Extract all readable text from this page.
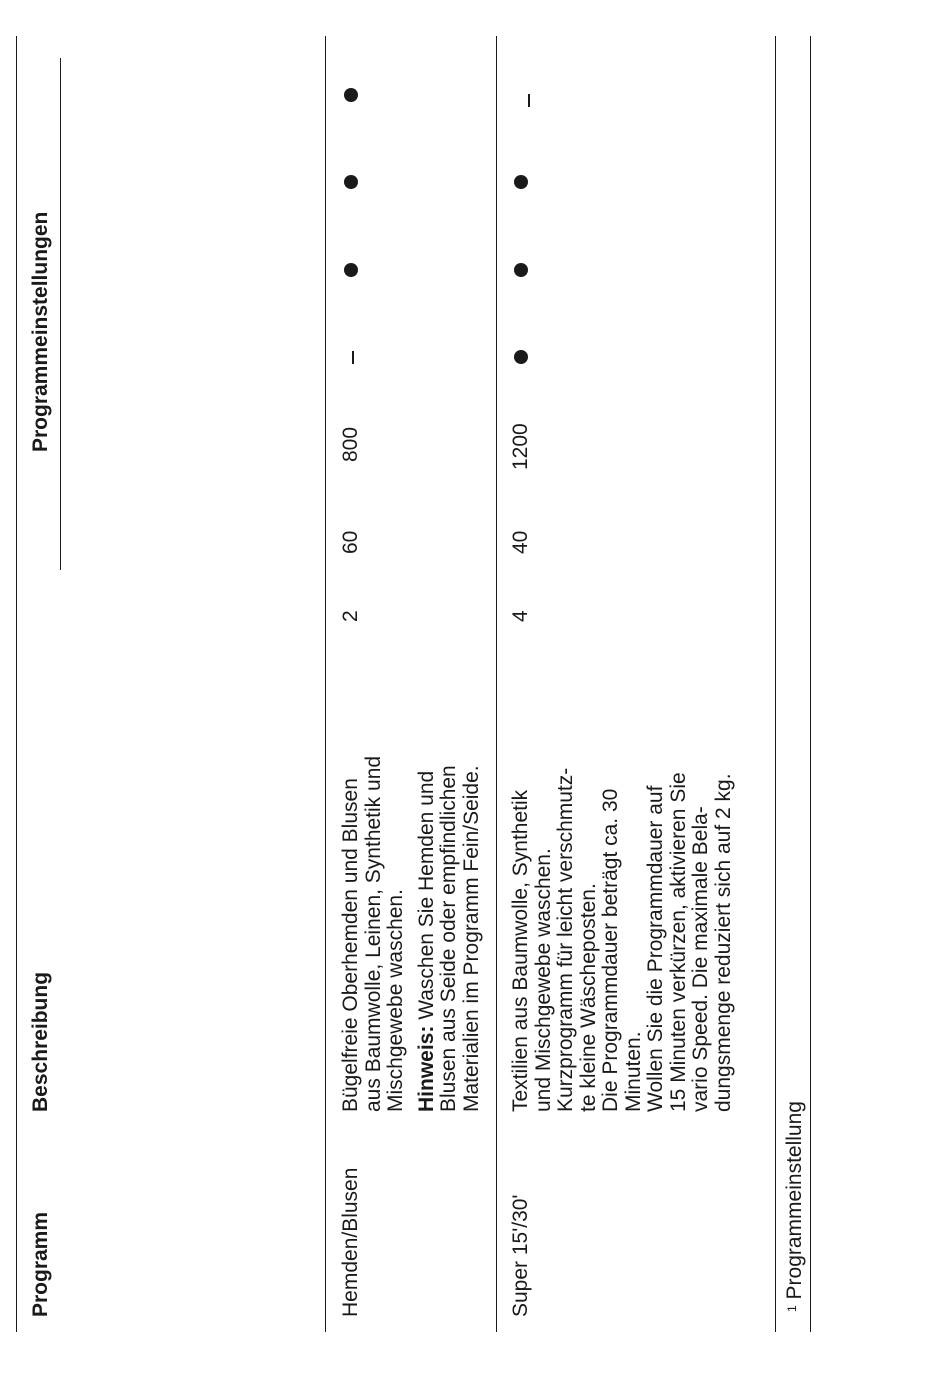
Programm
Beschreibung
Programmeinstellungen
Hemden/Blusen
Bügelfreie Oberhemden und Blusen aus Baumwolle, Leinen, Synthetik und Mischgewebe waschen. Hinweis: Waschen Sie Hemden und Blusen aus Seide oder empfindlichen Materialien im Programm Fein/Seide.
2
60
800
Super 15'/30'
Textilien aus Baumwolle, Synthetik und Mischgewebe waschen. Kurzprogramm für leicht verschmutz- te kleine Wäscheposten. Die Programmdauer beträgt ca. 30 Minuten. Wollen Sie die Programmdauer auf 15 Minuten verkürzen, aktivieren Sie vario Speed. Die maximale Bela- dungsmenge reduziert sich auf 2 kg.
4
40
1200
$^1$ Programmeinstellung
